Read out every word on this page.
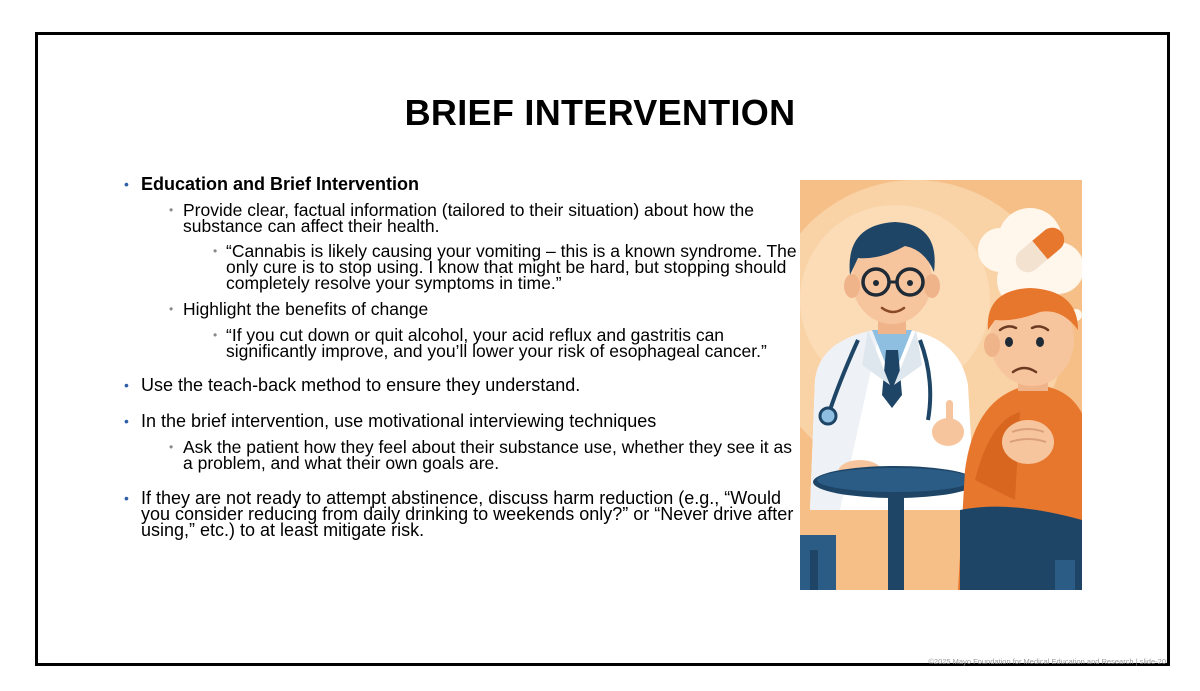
BRIEF INTERVENTION
• Education and Brief Intervention
• Provide clear, factual information (tailored to their situation) about how the substance can affect their health.
• “Cannabis is likely causing your vomiting – this is a known syndrome. The only cure is to stop using. I know that might be hard, but stopping should completely resolve your symptoms in time.”
• Highlight the benefits of change
• “If you cut down or quit alcohol, your acid reflux and gastritis can significantly improve, and you’ll lower your risk of esophageal cancer.”
• Use the teach-back method to ensure they understand.
• In the brief intervention, use motivational interviewing techniques
• Ask the patient how they feel about their substance use, whether they see it as a problem, and what their own goals are.
• If they are not ready to attempt abstinence, discuss harm reduction (e.g., “Would you consider reducing from daily drinking to weekends only?” or “Never drive after using,” etc.) to at least mitigate risk.
©2025 Mayo Foundation for Medical Education and Research | slide-20
